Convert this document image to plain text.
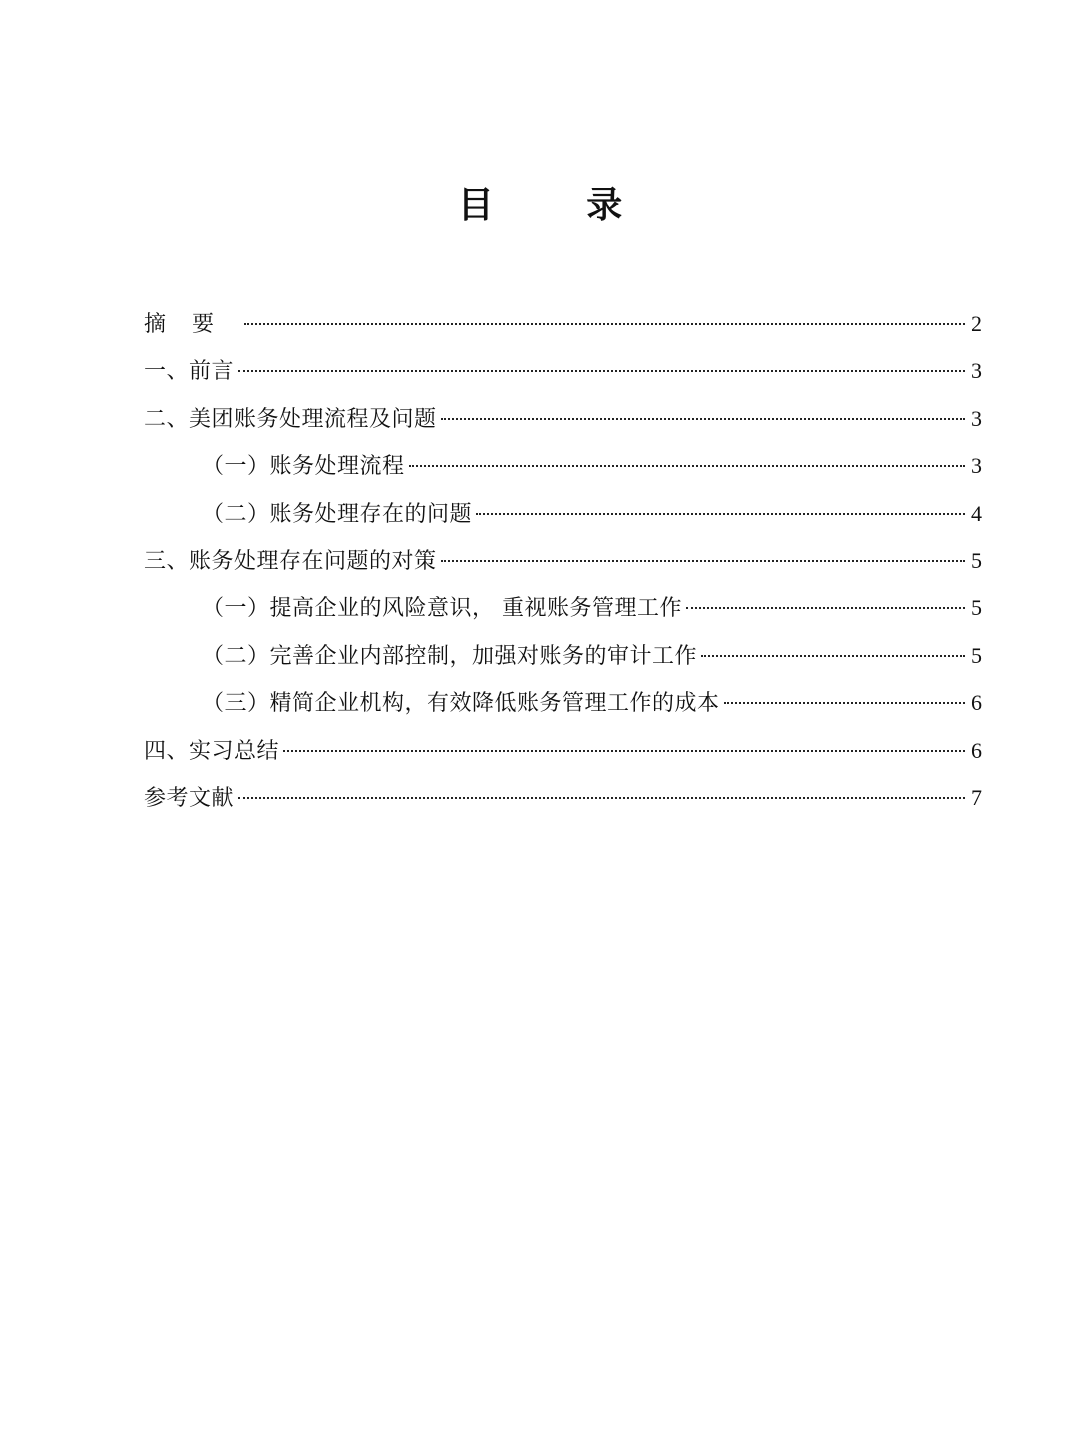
目 录
摘要	2
一、前言	3
二、美团账务处理流程及问题	3
（一）账务处理流程	3
（二）账务处理存在的问题	4
三、账务处理存在问题的对策	5
（一）提高企业的风险意识， 重视账务管理工作	5
（二）完善企业内部控制，加强对账务的审计工作	5
（三）精简企业机构，有效降低账务管理工作的成本	6
四、实习总结	6
参考文献	7
